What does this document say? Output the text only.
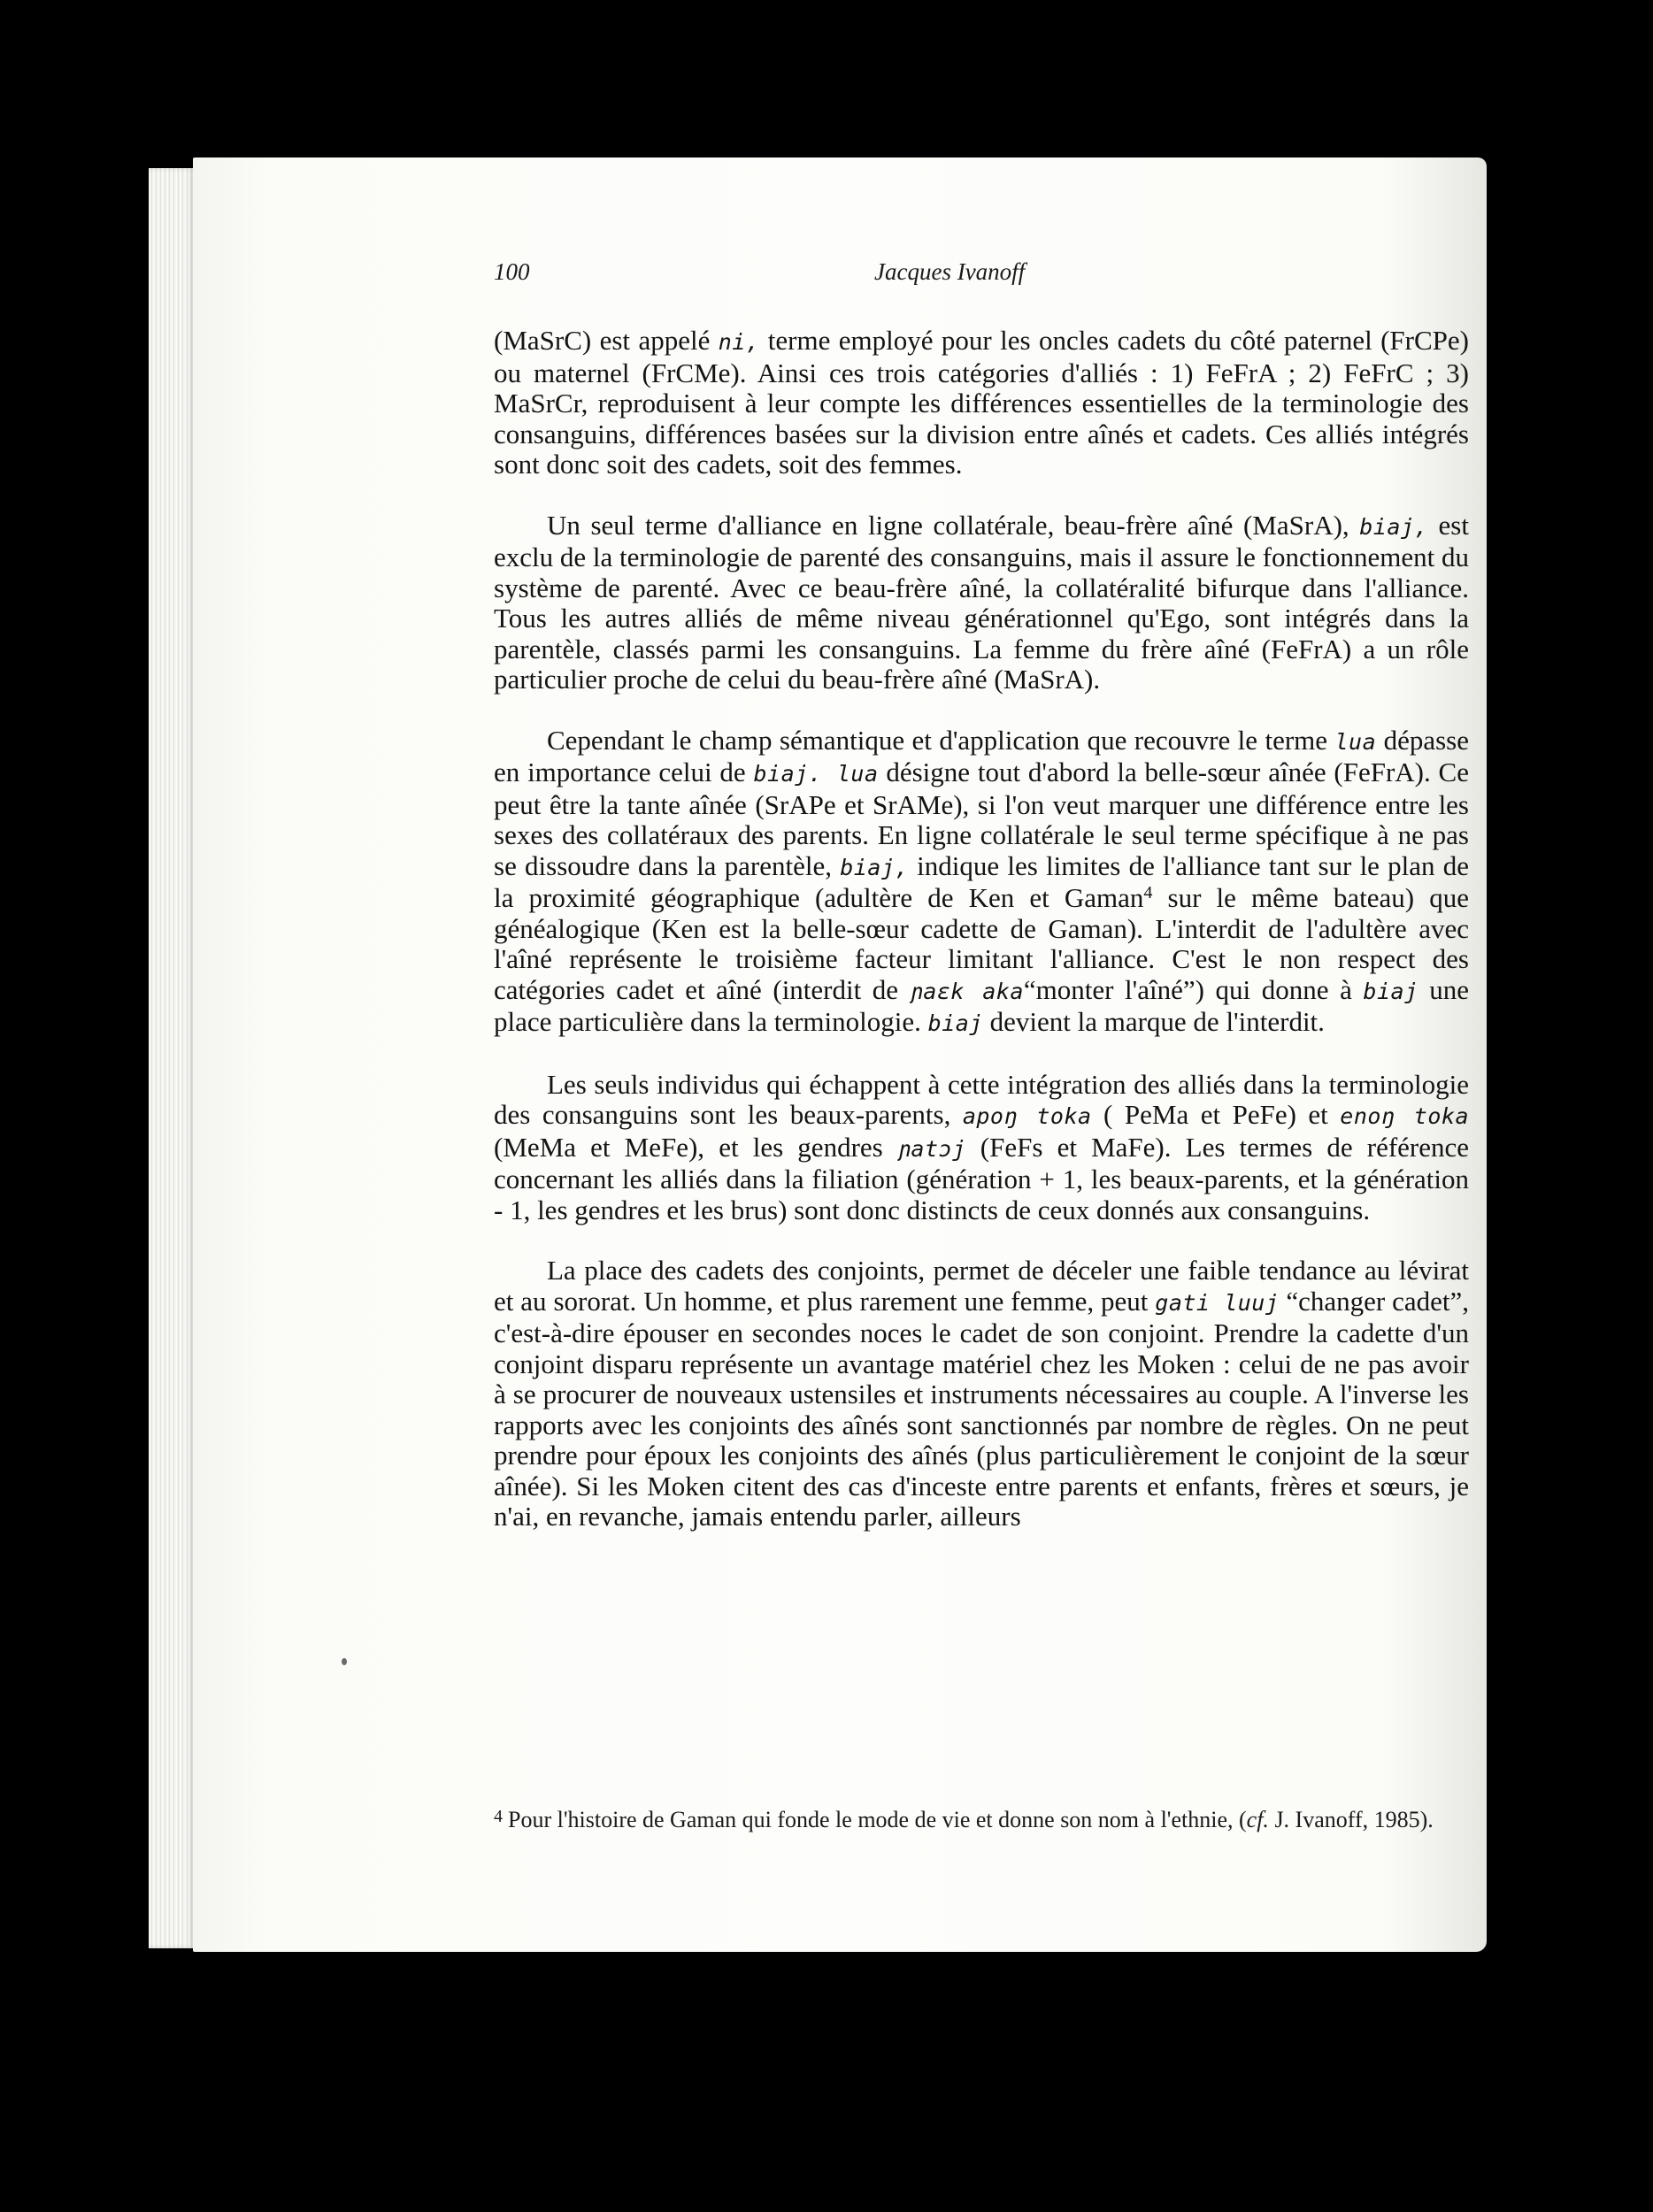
100	Jacques Ivanoff

(MaSrC) est appelé ni, terme employé pour les oncles cadets du côté paternel (FrCPe) ou maternel (FrCMe). Ainsi ces trois catégories d'alliés : 1) FeFrA ; 2) FeFrC ; 3) MaSrCr, reproduisent à leur compte les différences essentielles de la terminologie des consanguins, différences basées sur la division entre aînés et cadets. Ces alliés intégrés sont donc soit des cadets, soit des femmes.

Un seul terme d'alliance en ligne collatérale, beau-frère aîné (MaSrA), biaj, est exclu de la terminologie de parenté des consanguins, mais il assure le fonctionnement du système de parenté. Avec ce beau-frère aîné, la collatéralité bifurque dans l'alliance. Tous les autres alliés de même niveau générationnel qu'Ego, sont intégrés dans la parentèle, classés parmi les consanguins. La femme du frère aîné (FeFrA) a un rôle particulier proche de celui du beau-frère aîné (MaSrA).

Cependant le champ sémantique et d'application que recouvre le terme lua dépasse en importance celui de biaj. lua désigne tout d'abord la belle-sœur aînée (FeFrA). Ce peut être la tante aînée (SrAPe et SrAMe), si l'on veut marquer une différence entre les sexes des collatéraux des parents. En ligne collatérale le seul terme spécifique à ne pas se dissoudre dans la parentèle, biaj, indique les limites de l'alliance tant sur le plan de la proximité géographique (adultère de Ken et Gaman$^4$ sur le même bateau) que généalogique (Ken est la belle-sœur cadette de Gaman). L'interdit de l'adultère avec l'aîné représente le troisième facteur limitant l'alliance. C'est le non respect des catégories cadet et aîné (interdit de ɲaɛk aka“monter l'aîné”) qui donne à biaj une place particulière dans la terminologie. biaj devient la marque de l'interdit.

Les seuls individus qui échappent à cette intégration des alliés dans la terminologie des consanguins sont les beaux-parents, apoŋ toka ( PeMa et PeFe) et enoŋ toka (MeMa et MeFe), et les gendres ɲatɔj (FeFs et MaFe). Les termes de référence concernant les alliés dans la filiation (génération + 1, les beaux-parents, et la génération - 1, les gendres et les brus) sont donc distincts de ceux donnés aux consanguins.

La place des cadets des conjoints, permet de déceler une faible tendance au lévirat et au sororat. Un homme, et plus rarement une femme, peut gati luuj “changer cadet”, c'est-à-dire épouser en secondes noces le cadet de son conjoint. Prendre la cadette d'un conjoint disparu représente un avantage matériel chez les Moken : celui de ne pas avoir à se procurer de nouveaux ustensiles et instruments nécessaires au couple. A l'inverse les rapports avec les conjoints des aînés sont sanctionnés par nombre de règles. On ne peut prendre pour époux les conjoints des aînés (plus particulièrement le conjoint de la sœur aînée). Si les Moken citent des cas d'inceste entre parents et enfants, frères et sœurs, je n'ai, en revanche, jamais entendu parler, ailleurs

$^4$ Pour l'histoire de Gaman qui fonde le mode de vie et donne son nom à l'ethnie, (cf. J. Ivanoff, 1985).
